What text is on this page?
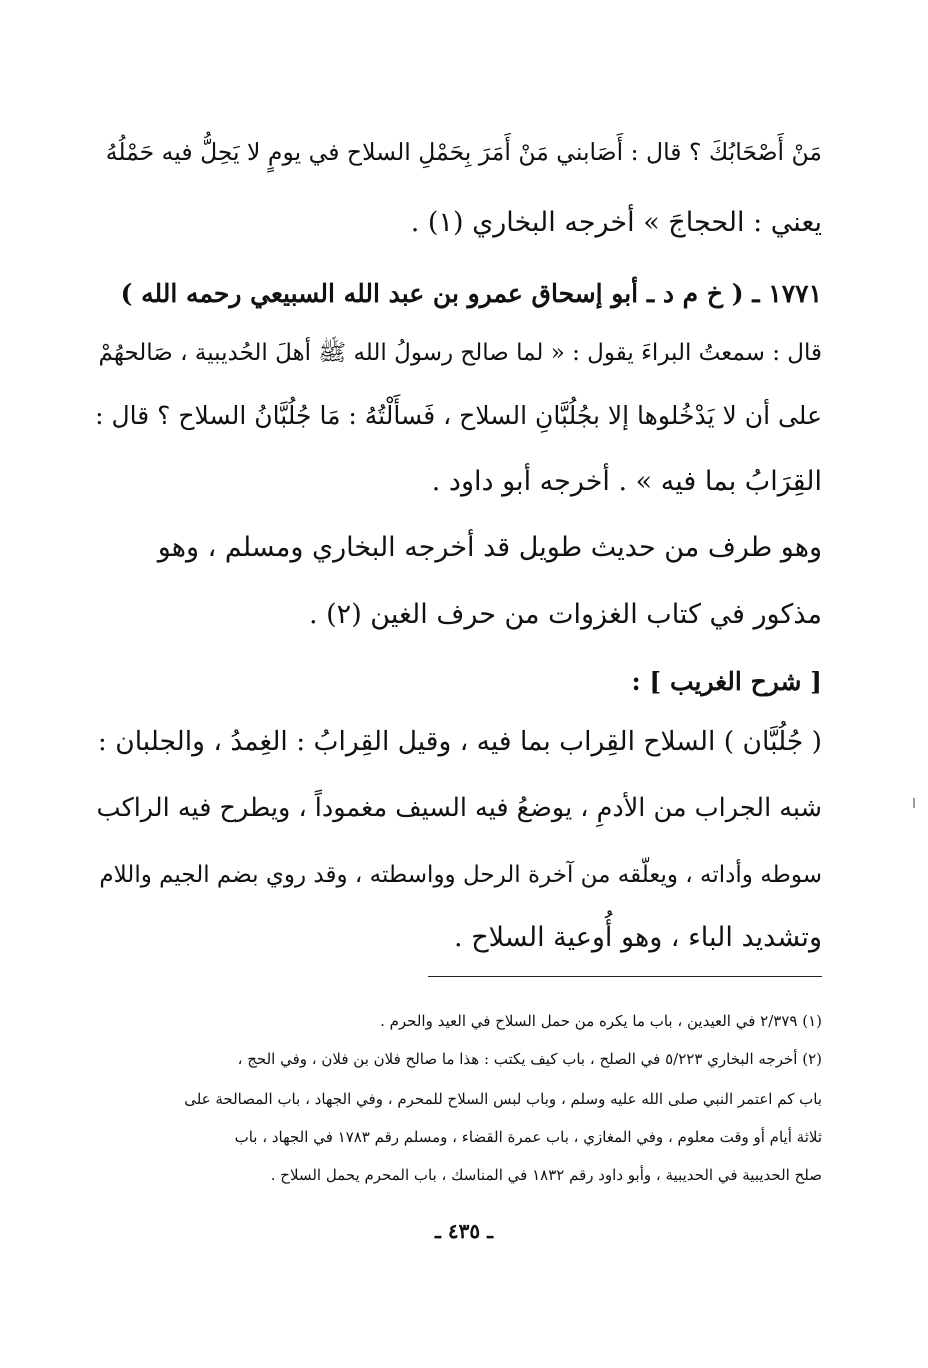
مَنْ أَصْحَابُكَ ؟ قال : أَصَابني مَنْ أَمَرَ بِحَمْلِ السلاح في يومٍ لا يَحِلُّ فيه حَمْلُهُ
يعني : الحجاجَ » أخرجه البخاري (١) .
١٧٧١ ـ ( خ م د ـ أبو إسحاق عمرو بن عبد الله السبيعي رحمه الله )
قال : سمعتُ البراءَ يقول : « لما صالح رسولُ الله ﷺ أهلَ الحُديبية ، صَالحهُمْ
على أن لا يَدْخُلوها إلا بجُلُبَّانِ السلاح ، فَسأَلْتُهُ : مَا جُلُبَّانُ السلاح ؟ قال :
القِرَابُ بما فيه » . أخرجه أبو داود .
وهو طرف من حديث طويل قد أخرجه البخاري ومسلم ، وهو
مذكور في كتاب الغزوات من حرف الغين (٢) .
[ شرح الغريب ] :
( جُلُبَّان ) السلاح القِراب بما فيه ، وقيل القِرابُ : الغِمدُ ، والجلبان :
شبه الجراب من الأدمِ ، يوضعُ فيه السيف مغموداً ، ويطرح فيه الراكب
سوطه وأداته ، ويعلّقه من آخرة الرحل وواسطته ، وقد روي بضم الجيم واللام
وتشديد الباء ، وهو أُوعية السلاح .
(١) ٢/٣٧٩ في العيدين ، باب ما يكره من حمل السلاح في العيد والحرم .
(٢) أخرجه البخاري ٥/٢٢٣ في الصلح ، باب كيف يكتب : هذا ما صالح فلان بن فلان ، وفي الحج ،
باب كم اعتمر النبي صلى الله عليه وسلم ، وباب لبس السلاح للمحرم ، وفي الجهاد ، باب المصالحة على
ثلاثة أيام أو وقت معلوم ، وفي المغازي ، باب عمرة القضاء ، ومسلم رقم ١٧٨٣ في الجهاد ، باب
صلح الحديبية في الحديبية ، وأبو داود رقم ١٨٣٢ في المناسك ، باب المحرم يحمل السلاح .
ـ ٤٣٥ ـ
